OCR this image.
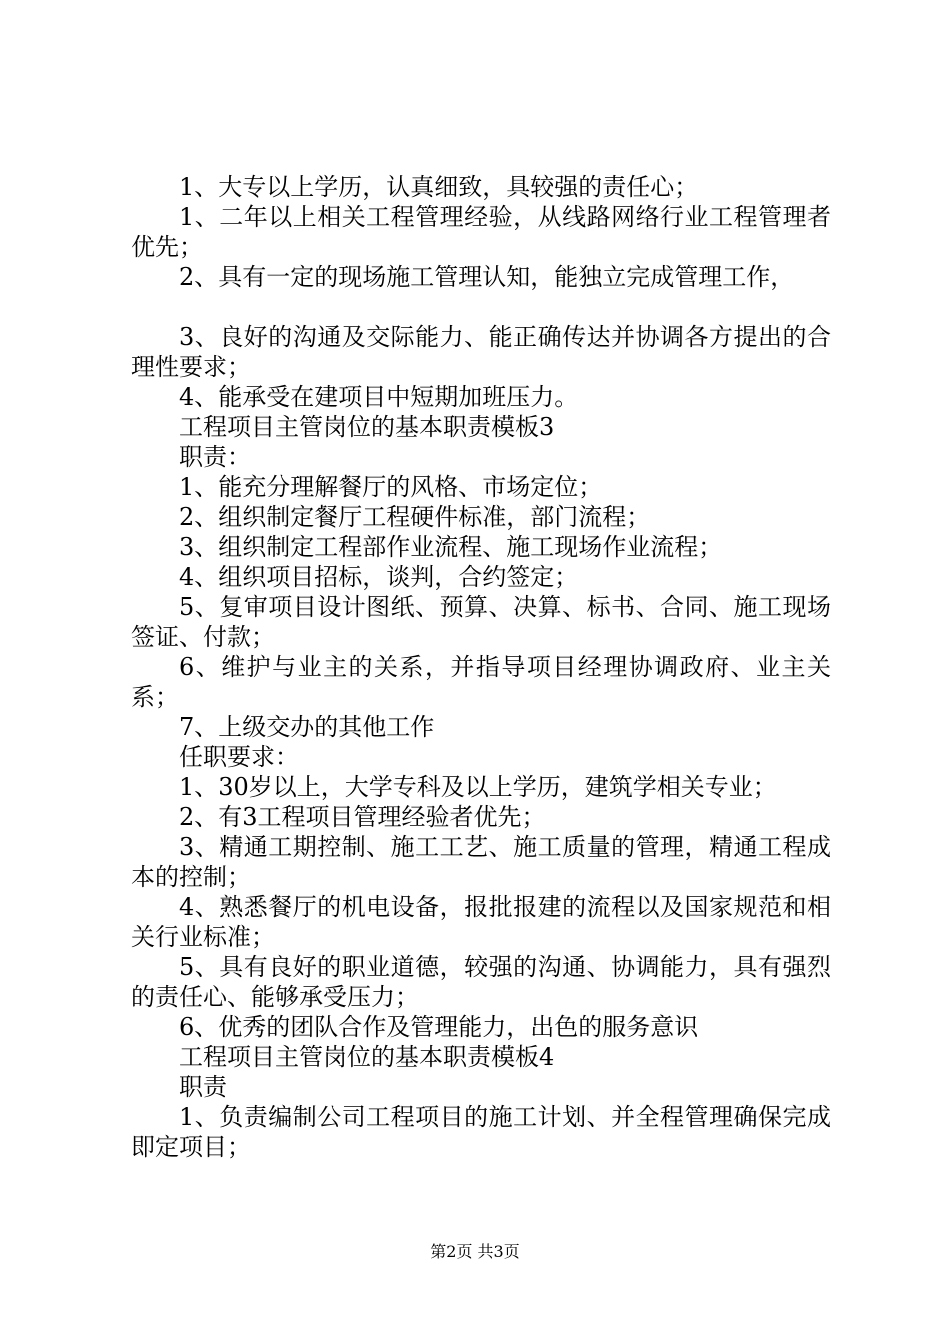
1、大专以上学历，认真细致，具较强的责任心；

1、二年以上相关工程管理经验，从线路网络行业工程管理者优先；

2、具有一定的现场施工管理认知，能独立完成管理工作，

3、良好的沟通及交际能力、能正确传达并协调各方提出的合理性要求；

4、能承受在建项目中短期加班压力。

工程项目主管岗位的基本职责模板3

职责：

1、能充分理解餐厅的风格、市场定位；

2、组织制定餐厅工程硬件标准，部门流程；

3、组织制定工程部作业流程、施工现场作业流程；

4、组织项目招标，谈判，合约签定；

5、复审项目设计图纸、预算、决算、标书、合同、施工现场签证、付款；

6、维护与业主的关系，并指导项目经理协调政府、业主关系；

7、上级交办的其他工作

任职要求：

1、30岁以上，大学专科及以上学历，建筑学相关专业；

2、有3工程项目管理经验者优先；

3、精通工期控制、施工工艺、施工质量的管理，精通工程成本的控制；

4、熟悉餐厅的机电设备，报批报建的流程以及国家规范和相关行业标准；

5、具有良好的职业道德，较强的沟通、协调能力，具有强烈的责任心、能够承受压力；

6、优秀的团队合作及管理能力，出色的服务意识

工程项目主管岗位的基本职责模板4

职责

1、负责编制公司工程项目的施工计划、并全程管理确保完成即定项目；

第2页 共3页
